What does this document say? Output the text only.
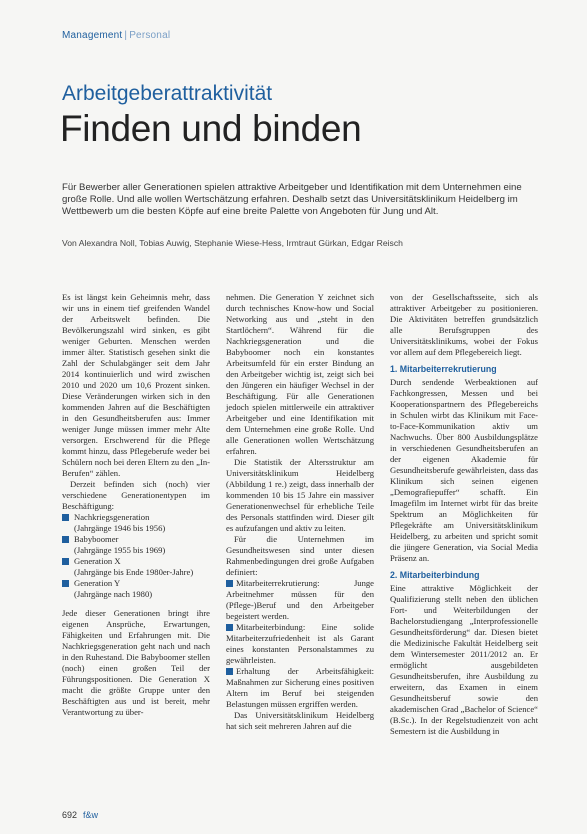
Management | Personal
Arbeitgeberattraktivität
Finden und binden
Für Bewerber aller Generationen spielen attraktive Arbeitgeber und Identifikation mit dem Unternehmen eine große Rolle. Und alle wollen Wertschätzung erfahren. Deshalb setzt das Universitätsklinikum Heidelberg im Wettbewerb um die besten Köpfe auf eine breite Palette von Angeboten für Jung und Alt.
Von Alexandra Noll, Tobias Auwig, Stephanie Wiese-Hess, Irmtraut Gürkan, Edgar Reisch

Es ist längst kein Geheimnis mehr, dass wir uns in einem tief greifenden Wandel der Arbeitswelt befinden. Die Bevölkerungszahl wird sinken, es gibt weniger Geburten. Menschen werden immer älter. Statistisch gesehen sinkt die Zahl der Schulabgänger seit dem Jahr 2014 kontinuierlich und wird zwischen 2010 und 2020 um 10,6 Prozent sinken. Diese Veränderungen wirken sich in den kommenden Jahren auf die Beschäftigten in den Gesundheitsberufen aus: Immer weniger Junge müssen immer mehr Alte versorgen. Erschwerend für die Pflege kommt hinzu, dass Pflegeberufe weder bei Schülern noch bei deren Eltern zu den „In-Berufen“ zählen.

Derzeit befinden sich (noch) vier verschiedene Generationentypen im Beschäftigung:

Nachkriegsgeneration
(Jahrgänge 1946 bis 1956)
Babyboomer
(Jahrgänge 1955 bis 1969)
Generation X
(Jahrgänge bis Ende 1980er-Jahre)
Generation Y
(Jahrgänge nach 1980)

Jede dieser Generationen bringt ihre eigenen Ansprüche, Erwartungen, Fähigkeiten und Erfahrungen mit. Die Nachkriegsgeneration geht nach und nach in den Ruhestand. Die Babyboomer stellen (noch) einen großen Teil der Führungspositionen. Die Generation X macht die größte Gruppe unter den Beschäftigten aus und ist bereit, mehr Verantwortung zu über-

nehmen. Die Generation Y zeichnet sich durch technisches Know-how und Social Networking aus und „steht in den Startlöchern“. Während für die Nachkriegsgeneration und die Babyboomer noch ein konstantes Arbeitsumfeld für ein erster Bindung an den Arbeitgeber wichtig ist, zeigt sich bei den Jüngeren ein häufiger Wechsel in der Beschäftigung. Für alle Generationen jedoch spielen mittlerweile ein attraktiver Arbeitgeber und eine Identifikation mit dem Unternehmen eine große Rolle. Und alle Generationen wollen Wertschätzung erfahren.

Die Statistik der Altersstruktur am Universitätsklinikum Heidelberg (Abbildung 1 re.) zeigt, dass innerhalb der kommenden 10 bis 15 Jahre ein massiver Generationenwechsel für erhebliche Teile des Personals stattfinden wird. Dieser gilt es aufzufangen und aktiv zu leiten.

Für die Unternehmen im Gesundheitswesen sind unter diesen Rahmenbedingungen drei große Aufgaben definiert:

Mitarbeiterrekrutierung: Junge Arbeitnehmer müssen für den (Pflege-)Beruf und den Arbeitgeber begeistert werden.

Mitarbeiterbindung: Eine solide Mitarbeiterzufriedenheit ist als Garant eines konstanten Personalstammes zu gewährleisten.

Erhaltung der Arbeitsfähigkeit: Maßnahmen zur Sicherung eines positiven Altern im Beruf bei steigenden Belastungen müssen ergriffen werden.

Das Universitätsklinikum Heidelberg hat sich seit mehreren Jahren auf die

von der Gesellschaftsseite, sich als attraktiver Arbeitgeber zu positionieren. Die Aktivitäten betreffen grundsätzlich alle Berufsgruppen des Universitätsklinikums, wobei der Fokus vor allem auf dem Pflegebereich liegt.

1. Mitarbeiterrekrutierung

Durch sendende Werbeaktionen auf Fachkongressen, Messen und bei Kooperationspartnern des Pflegebereichs in Schulen wirbt das Klinikum mit Face-to-Face-Kommunikation aktiv um Nachwuchs. Über 800 Ausbildungsplätze in verschiedenen Gesundheitsberufen an der eigenen Akademie für Gesundheitsberufe gewährleisten, dass das Klinikum sich seinen eigenen „Demografiepuffer“ schafft. Ein Imagefilm im Internet wirbt für das breite Spektrum an Möglichkeiten für Pflegekräfte am Universitätsklinikum Heidelberg, zu arbeiten und spricht somit die jüngere Generation, via Social Media Präsenz an.

2. Mitarbeiterbindung

Eine attraktive Möglichkeit der Qualifizierung stellt neben den üblichen Fort- und Weiterbildungen der Bachelorstudiengang „Interprofessionelle Gesundheitsförderung“ dar. Diesen bietet die Medizinische Fakultät Heidelberg seit dem Wintersemester 2011/2012 an. Er ermöglicht ausgebildeten Gesundheitsberufen, ihre Ausbildung zu erweitern, das Examen in einem Gesundheitsberuf sowie den akademischen Grad „Bachelor of Science“ (B.Sc.). In der Regelstudienzeit von acht Semestern ist die Ausbildung in

692 f&w
